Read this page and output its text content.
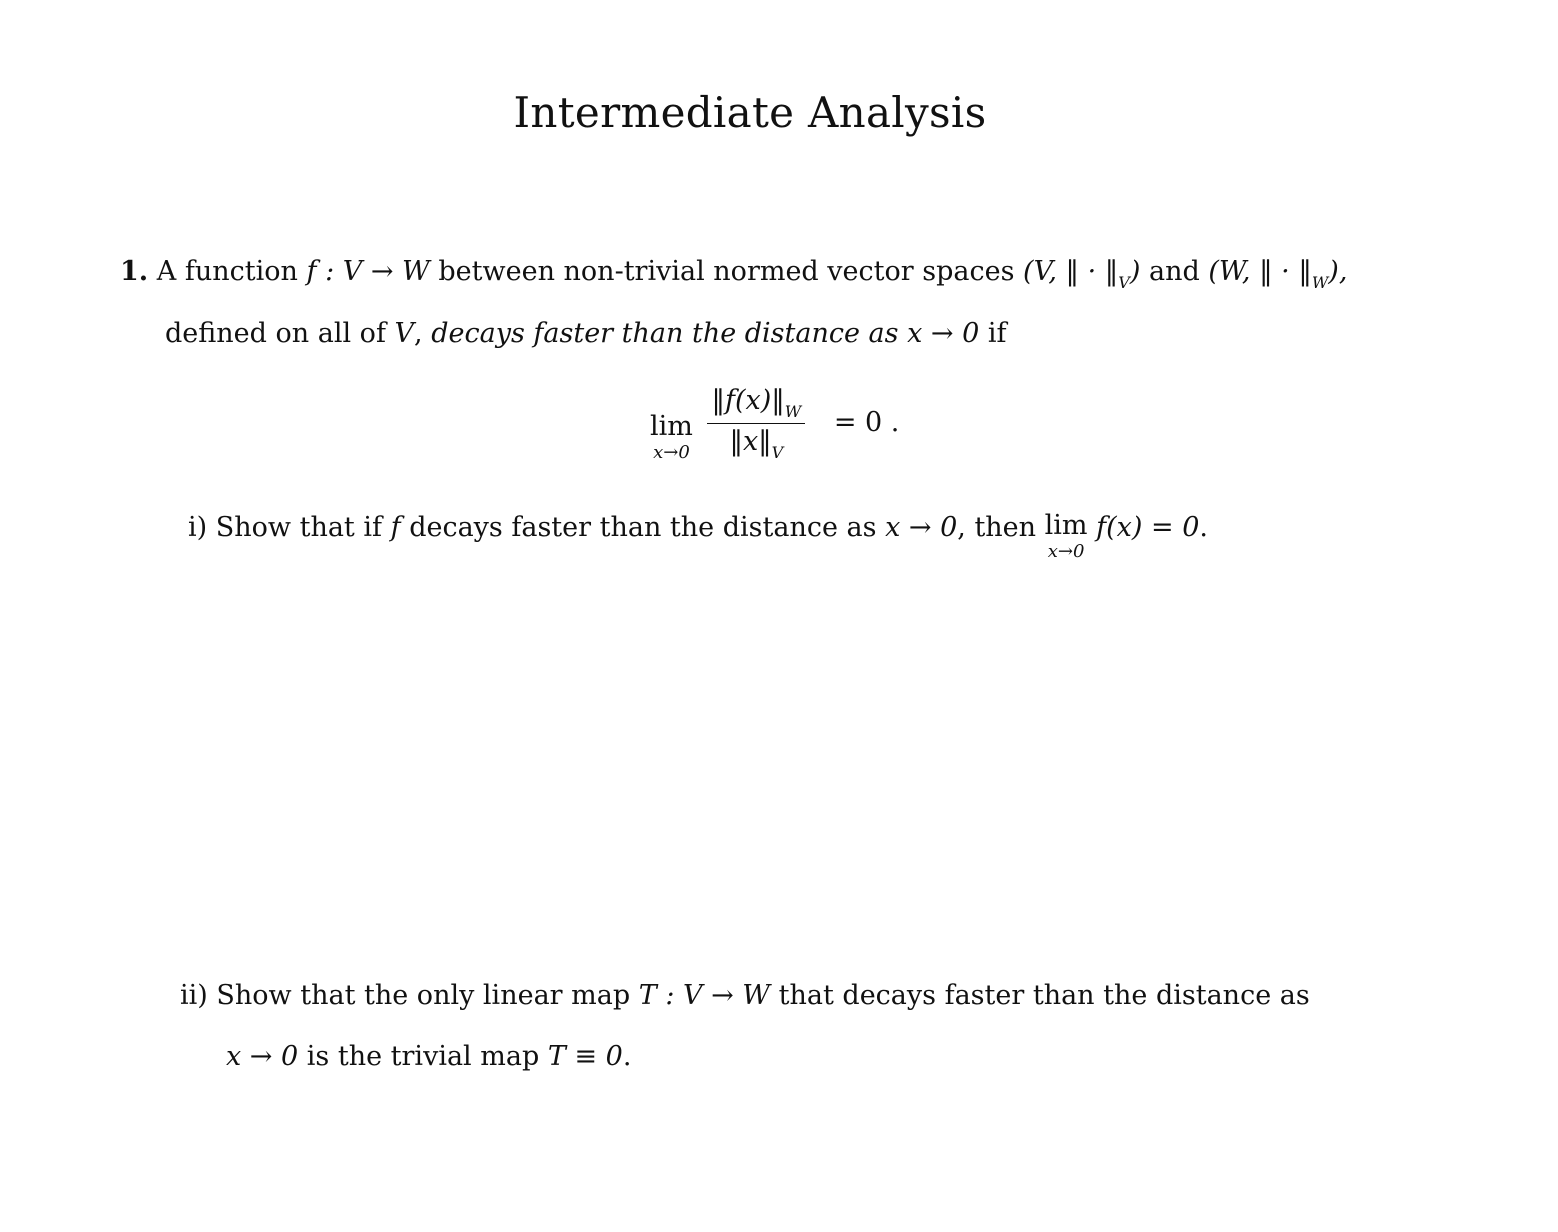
Intermediate Analysis
1. A function f : V → W between non-trivial normed vector spaces (V, ‖ · $‖_V$) and (W, ‖ · $‖_W$),
defined on all of V, decays faster than the distance as x → 0 if
lim
x→0
$\frac{‖f(x)‖_W}{‖x‖_V} = 0$ .
i) Show that if f decays faster than the distance as x → 0, then lim
x→0
f(x) = 0.
ii) Show that the only linear map T : V → W that decays faster than the distance as
x → 0 is the trivial map T ≡ 0.
